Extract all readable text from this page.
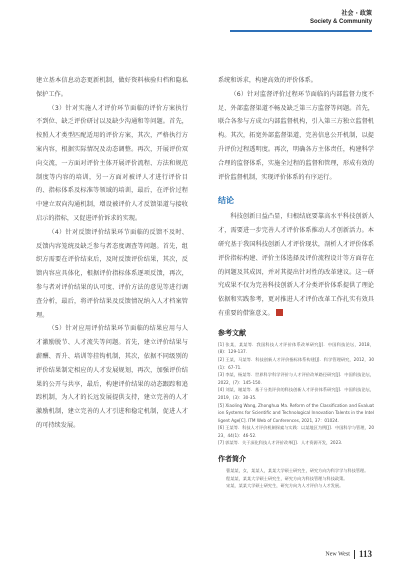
社会 · 政策
Society & Community

建立基本信息动态更新机制，做好资料核验归档和隐私保护工作。

（3）针对实施人才评价环节面临的评价方案执行不到位、缺乏评价研讨以及缺少沟通和等问题。首先，按照人才类型匹配适用的评价方案，其次，严格执行方案内容，根据实际情况及动态调整。再次，开展评价双向交流，一方面对评价主体开展评价流程、方法和规范制度等内容的培训，另一方面对被评人才进行评价目的、指标体系及标准等领域的培训，最后，在评价过程中建立双向沟通机制，增设被评价人才反馈渠道与接收启示的指标，又促进评价诉求的实现。

（4）针对反馈评价结果环节面临的反馈不及时、反馈内容笼统及缺乏参与者态度调查等问题。首先，组织方需要在评价结束后，及时反馈评价结果，其次，反馈内容应具体化，根据评价指标体系逐项反馈，再次，参与者对评价结果的认可度、评价方法的意见等进行调查分析，最后，将评价结果及反馈情况纳入人才档案管理。

（5）针对应用评价结果环节面临的结果应用与人才激励脱节、人才流失等问题。首先，建立评价结果与薪酬、晋升、培训等挂钩机制，其次，依据不同级别的评价结果制定相应的人才发展规划，再次，加强评价结果的公开与共享，最后，构建评价结果的动态跟踪和追踪机制，为人才的长远发展提供支持，建立完善的人才激励机制，建立完善的人才引进和稳定机制，促进人才的可持续发展。

系统和诉求，构建高效的评价体系。

（6）针对监督评价过程环节面临的内部监督力度不足、外部监督渠道不畅及缺乏第三方监督等问题。首先，联合各参与方成立内部监督机构，引入第三方独立监督机构。其次，拓宽外部监督渠道，完善信息公开机制，以提升评价过程透明度。再次，明确各方主体责任，构建科学合理的监督体系，实施全过程的监督和管理，形成有效的评价监督机制，实现评价体系的有序运行。

结论

科技创新日益凸显，归根结底要靠高水平科技创新人才，需要进一步完善人才评价体系推动人才创新活力。本研究基于我国科技创新人才评价现状，剖析人才评价体系评价指标构建、评价主体选择及评价流程设计等方面存在的问题及其成因，并对其提出针对性的改革建议。这一研究成果不仅为完善科技创新人才分类评价体系提供了理论依据和实践参考，更对推进人才评价改革工作扎实有效具有重要的借鉴意义。	✦

参考文献

[1] 张某，某某等．我国科技人才评价体系改革研究[J]．中国科技论坛，2018，(8)：129-137．

[2] 王某，马某等．科技创新人才评价指标体系构建[J]．科学管理研究，2012，30(1)：67-71．

[3] 李某，杨某等．世界科学科学评价与人才评价改革路径研究[J]．中国科技论坛，2022，(7)：145-150．

[4] 刘某，谢某等．基于分类评价的科技创新人才评价体系研究[J]．中国科技论坛，2019，(3)：30-35．

[5] Xiaoling Wang, Zhonghua Ma. Reform of the Classification and Evaluation Systems for Scientific and Technological Innovation Talents in the Intelligent Age[C]. ITM Web of Conferences, 2021, 37：01024．

[6] 王某等．科技人才评价机制探索与实践：以某地区为例[J]．中国科学与管理，2023，44(1)：46-52．

[7] 郭某等．关于深化科技人才评价改革[J]．人才资源开发，2023．

作者简介

曹某某，女，某某人，某某大学硕士研究生，研究方向为科学学与科技管理。

程某某，某某大学硕士研究生，研究方向为科技管理与科技政策。

宋某，某某大学硕士研究生，研究方向为人才评价与人才发展。

New West 113
